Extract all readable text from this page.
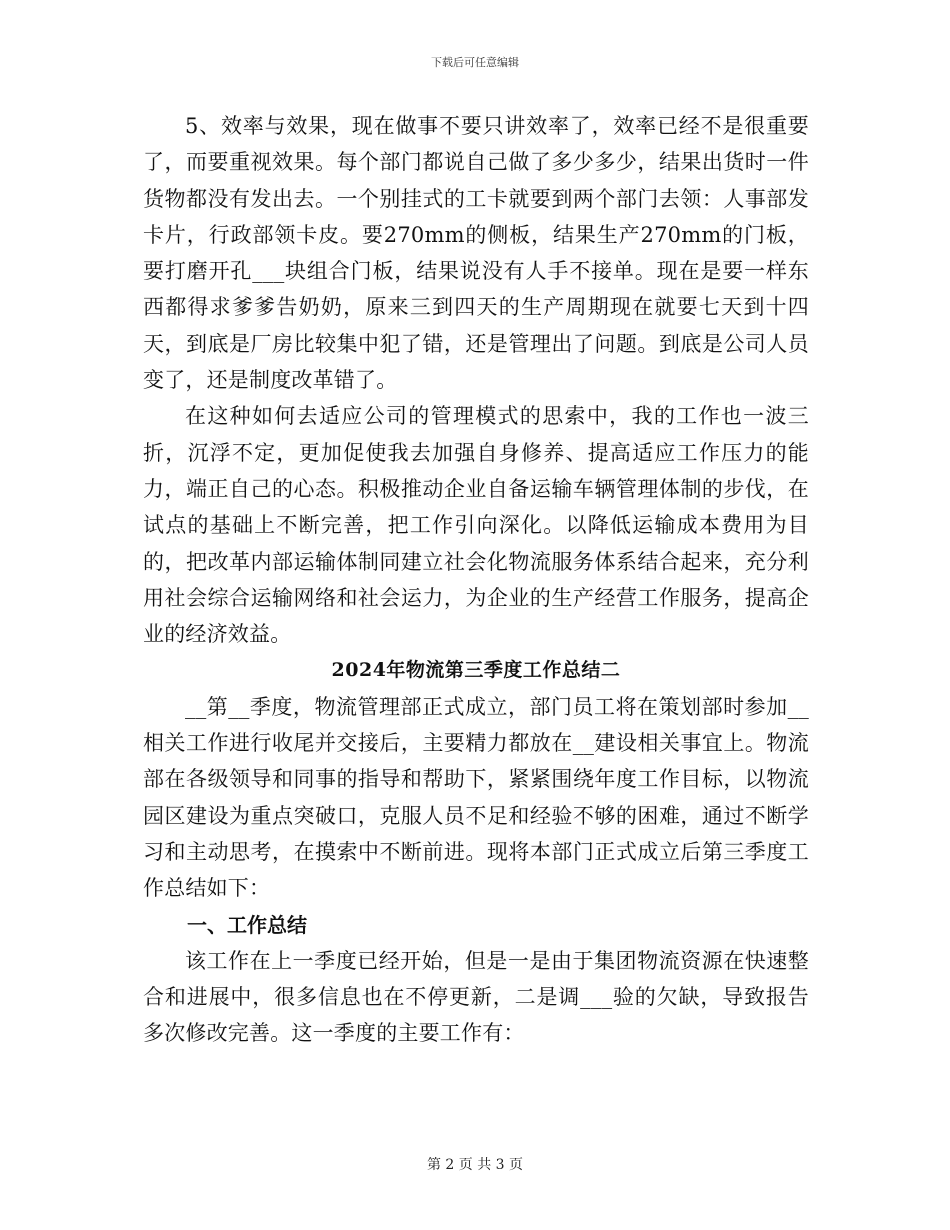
下载后可任意编辑

5、效率与效果，现在做事不要只讲效率了，效率已经不是很重要了，而要重视效果。每个部门都说自己做了多少多少，结果出货时一件货物都没有发出去。一个别挂式的工卡就要到两个部门去领：人事部发卡片，行政部领卡皮。要270mm的侧板，结果生产270mm的门板，要打磨开孔___块组合门板，结果说没有人手不接单。现在是要一样东西都得求爹爹告奶奶，原来三到四天的生产周期现在就要七天到十四天，到底是厂房比较集中犯了错，还是管理出了问题。到底是公司人员变了，还是制度改革错了。

在这种如何去适应公司的管理模式的思索中，我的工作也一波三折，沉浮不定，更加促使我去加强自身修养、提高适应工作压力的能力，端正自己的心态。积极推动企业自备运输车辆管理体制的步伐，在试点的基础上不断完善，把工作引向深化。以降低运输成本费用为目的，把改革内部运输体制同建立社会化物流服务体系结合起来，充分利用社会综合运输网络和社会运力，为企业的生产经营工作服务，提高企业的经济效益。

2024年物流第三季度工作总结二

__第__季度，物流管理部正式成立，部门员工将在策划部时参加__相关工作进行收尾并交接后，主要精力都放在__建设相关事宜上。物流部在各级领导和同事的指导和帮助下，紧紧围绕年度工作目标，以物流园区建设为重点突破口，克服人员不足和经验不够的困难，通过不断学习和主动思考，在摸索中不断前进。现将本部门正式成立后第三季度工作总结如下：

一、工作总结

该工作在上一季度已经开始，但是一是由于集团物流资源在快速整合和进展中，很多信息也在不停更新，二是调___验的欠缺，导致报告多次修改完善。这一季度的主要工作有：

第 2 页 共 3 页
